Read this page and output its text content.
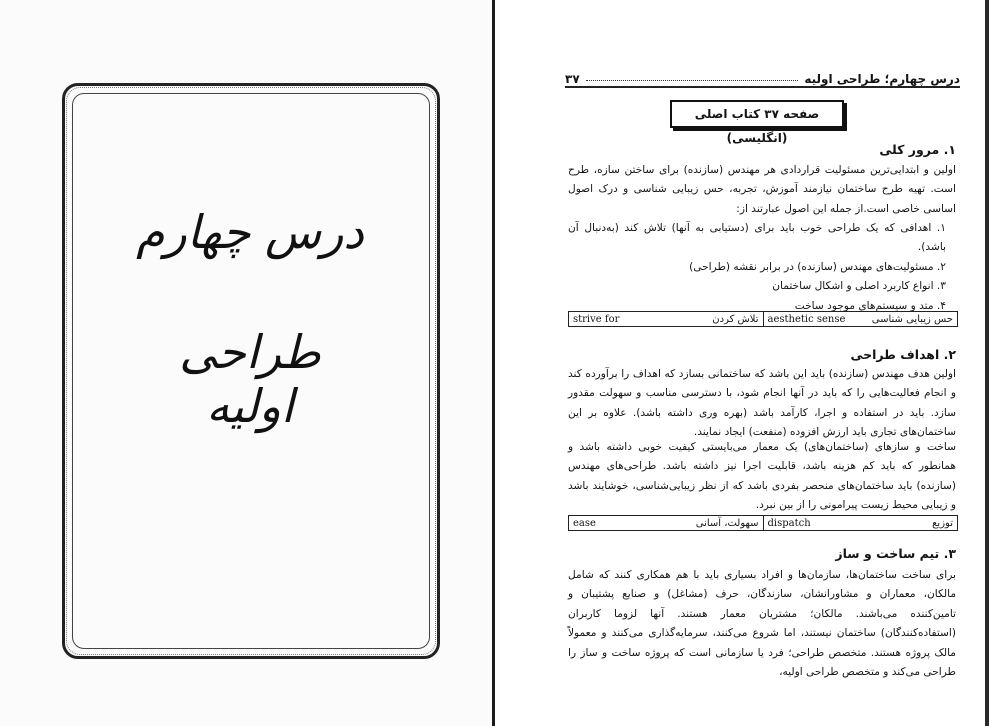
درس چهارم
طراحی اولیه
درس چهارم؛ طراحی اولیه
۳۷
صفحه ۳۷ کتاب اصلی (انگلیسی)
۱. مرور کلی
اولین و ابتدایی‌ترین مسئولیت قراردادی هر مهندس (سازنده) برای ساختن سازه، طرح است. تهیه طرح ساختمان نیازمند آموزش، تجربه، حس زیبایی شناسی و درک اصول اساسی خاصی است.از جمله این اصول عبارتند از:
۱. اهدافی که یک طراحی خوب باید برای (دستیابی به آنها) تلاش کند (به‌دنبال آن باشد).
۲. مسئولیت‌های مهندس (سازنده) در برابر نقشه (طراحی)
۳. انواع کاربرد اصلی و اشکال ساختمان
۴. متد و سیستم‌های موجود ساخت
strive for	تلاش کردن aesthetic sense	حس زیبایی شناسی
۲. اهداف طراحی
اولین هدف مهندس (سازنده) باید این باشد که ساختمانی بسازد که اهداف را برآورده کند و انجام فعالیت‌هایی را که باید در آنها انجام شود، با دسترسی مناسب و سهولت مقدور سازد. باید در استفاده و اجرا، کارآمد باشد (بهره وری داشته باشد). علاوه بر این ساختمان‌های تجاری باید ارزش افزوده (منفعت) ایجاد نمایند.
ساخت و سازهای (ساختمان‌های) یک معمار می‌بایستی کیفیت خوبی داشته باشد و همانطور که باید کم هزینه باشد، قابلیت اجرا نیز داشته باشد. طراحی‌های مهندس (سازنده) باید ساختمان‌های منحصر بفردی باشد که از نظر زیبایی‌شناسی، خوشایند باشد و زیبایی محیط زیست پیرامونی را از بین نبرد.
ease	سهولت، آسانی dispatch	توزیع
۳. تیم ساخت و ساز
برای ساخت ساختمان‌ها، سازمان‌ها و افراد بسیاری باید با هم همکاری کنند که شامل مالکان، معماران و مشاورانشان، سازندگان، حرف (مشاغل) و صنایع پشتیبان و تامین‌کننده می‌باشند. مالکان؛ مشتریان معمار هستند. آنها لزوما کاربران (استفاده‌کنندگان) ساختمان نیستند، اما شروع می‌کنند، سرمایه‌گذاری می‌کنند و معمولاً مالک پروژه هستند. متخصص طراحی؛ فرد یا سازمانی است که پروژه ساخت و ساز را طراحی می‌کند و متخصص طراحی اولیه،
